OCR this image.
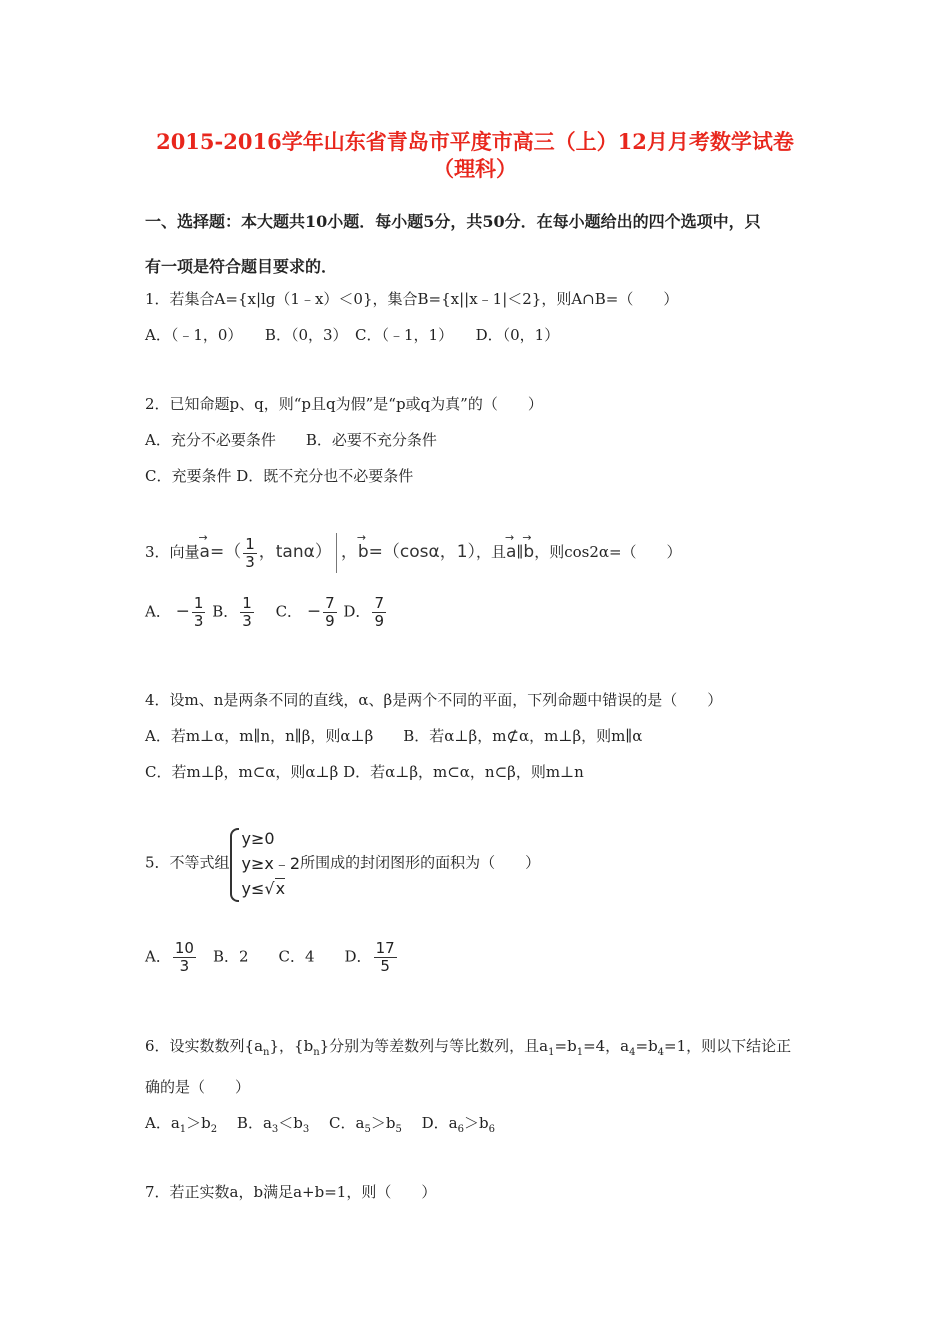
2015-2016学年山东省青岛市平度市高三（上）12月月考数学试卷
（理科）
一、选择题：本大题共10小题．每小题5分，共50分．在每小题给出的四个选项中，只
有一项是符合题目要求的．
1．若集合A={x|lg（1﹣x）＜0}，集合B={x||x﹣1|＜2}，则A∩B=（　　）
A．（﹣1，0）　　B．（0，3）　C．（﹣1，1）　　D．（0，1）
2．已知命题p、q，则“p且q为假”是“p或q为真”的（　　）
A．充分不必要条件　　B．必要不充分条件
C．充要条件 D．既不充分也不必要条件
3．向量→ $a=( \frac{1}{3}$ ，tanα） ，→ b=（cosα，1），且→ a∥→ b，则cos2α=（　　）
A． − $\frac{1}{3}$ B． $\frac{1}{3}$ 　C． − $\frac{7}{9}$ D． $\frac{7}{9}$
4．设m、n是两条不同的直线，α、β是两个不同的平面，下列命题中错误的是（　　）
A．若m⊥α，m∥n，n∥β，则α⊥β　　B．若α⊥β，m⊄α，m⊥β，则m∥α
C．若m⊥β，m⊂α，则α⊥β D．若α⊥β，m⊂α，n⊂β，则m⊥n
5．不等式组
y≥0
y≥x﹣2
y≤√x
所围成的封闭图形的面积为（　　）
A． $\frac{10}{3}$ 　B．2　　C．4　　D． $\frac{17}{5}$
6．设实数数列$\{a_n\}$，$\{b_n\}$分别为等差数列与等比数列，且$a_1=b_1=4$，$a_4=b_4=1$，则以下结论正
确的是（　　）
A．$a_1>b_2$ 　B．$a_3<b_3$ 　C．$a_5>b_5$ 　D．$a_6>b_6$
7．若正实数a，b满足a+b=1，则（　　）
